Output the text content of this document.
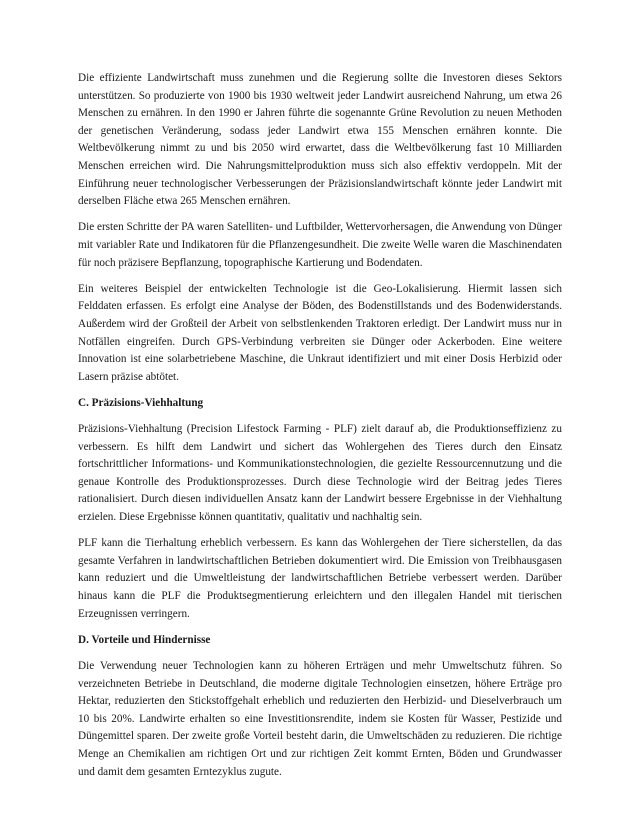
Die effiziente Landwirtschaft muss zunehmen und die Regierung sollte die Investoren dieses Sektors unterstützen. So produzierte von 1900 bis 1930 weltweit jeder Landwirt ausreichend Nahrung, um etwa 26 Menschen zu ernähren. In den 1990 er Jahren führte die sogenannte Grüne Revolution zu neuen Methoden der genetischen Veränderung, sodass jeder Landwirt etwa 155 Menschen ernähren konnte. Die Weltbevölkerung nimmt zu und bis 2050 wird erwartet, dass die Weltbevölkerung fast 10 Milliarden Menschen erreichen wird. Die Nahrungsmittelproduktion muss sich also effektiv verdoppeln. Mit der Einführung neuer technologischer Verbesserungen der Präzisionslandwirtschaft könnte jeder Landwirt mit derselben Fläche etwa 265 Menschen ernähren.

Die ersten Schritte der PA waren Satelliten- und Luftbilder, Wettervorhersagen, die Anwendung von Dünger mit variabler Rate und Indikatoren für die Pflanzengesundheit. Die zweite Welle waren die Maschinendaten für noch präzisere Bepflanzung, topographische Kartierung und Bodendaten.

Ein weiteres Beispiel der entwickelten Technologie ist die Geo-Lokalisierung. Hiermit lassen sich Felddaten erfassen. Es erfolgt eine Analyse der Böden, des Bodenstillstands und des Bodenwiderstands. Außerdem wird der Großteil der Arbeit von selbstlenkenden Traktoren erledigt. Der Landwirt muss nur in Notfällen eingreifen. Durch GPS-Verbindung verbreiten sie Dünger oder Ackerboden. Eine weitere Innovation ist eine solarbetriebene Maschine, die Unkraut identifiziert und mit einer Dosis Herbizid oder Lasern präzise abtötet.

C. Präzisions-Viehhaltung

Präzisions-Viehhaltung (Precision Lifestock Farming - PLF) zielt darauf ab, die Produktionseffizienz zu verbessern. Es hilft dem Landwirt und sichert das Wohlergehen des Tieres durch den Einsatz fortschrittlicher Informations- und Kommunikationstechnologien, die gezielte Ressourcennutzung und die genaue Kontrolle des Produktionsprozesses. Durch diese Technologie wird der Beitrag jedes Tieres rationalisiert. Durch diesen individuellen Ansatz kann der Landwirt bessere Ergebnisse in der Viehhaltung erzielen. Diese Ergebnisse können quantitativ, qualitativ und nachhaltig sein.

PLF kann die Tierhaltung erheblich verbessern. Es kann das Wohlergehen der Tiere sicherstellen, da das gesamte Verfahren in landwirtschaftlichen Betrieben dokumentiert wird. Die Emission von Treibhausgasen kann reduziert und die Umweltleistung der landwirtschaftlichen Betriebe verbessert werden. Darüber hinaus kann die PLF die Produktsegmentierung erleichtern und den illegalen Handel mit tierischen Erzeugnissen verringern.

D. Vorteile und Hindernisse

Die Verwendung neuer Technologien kann zu höheren Erträgen und mehr Umweltschutz führen. So verzeichneten Betriebe in Deutschland, die moderne digitale Technologien einsetzen, höhere Erträge pro Hektar, reduzierten den Stickstoffgehalt erheblich und reduzierten den Herbizid- und Dieselverbrauch um 10 bis 20%. Landwirte erhalten so eine Investitionsrendite, indem sie Kosten für Wasser, Pestizide und Düngemittel sparen. Der zweite große Vorteil besteht darin, die Umweltschäden zu reduzieren. Die richtige Menge an Chemikalien am richtigen Ort und zur richtigen Zeit kommt Ernten, Böden und Grundwasser und damit dem gesamten Erntezyklus zugute.
